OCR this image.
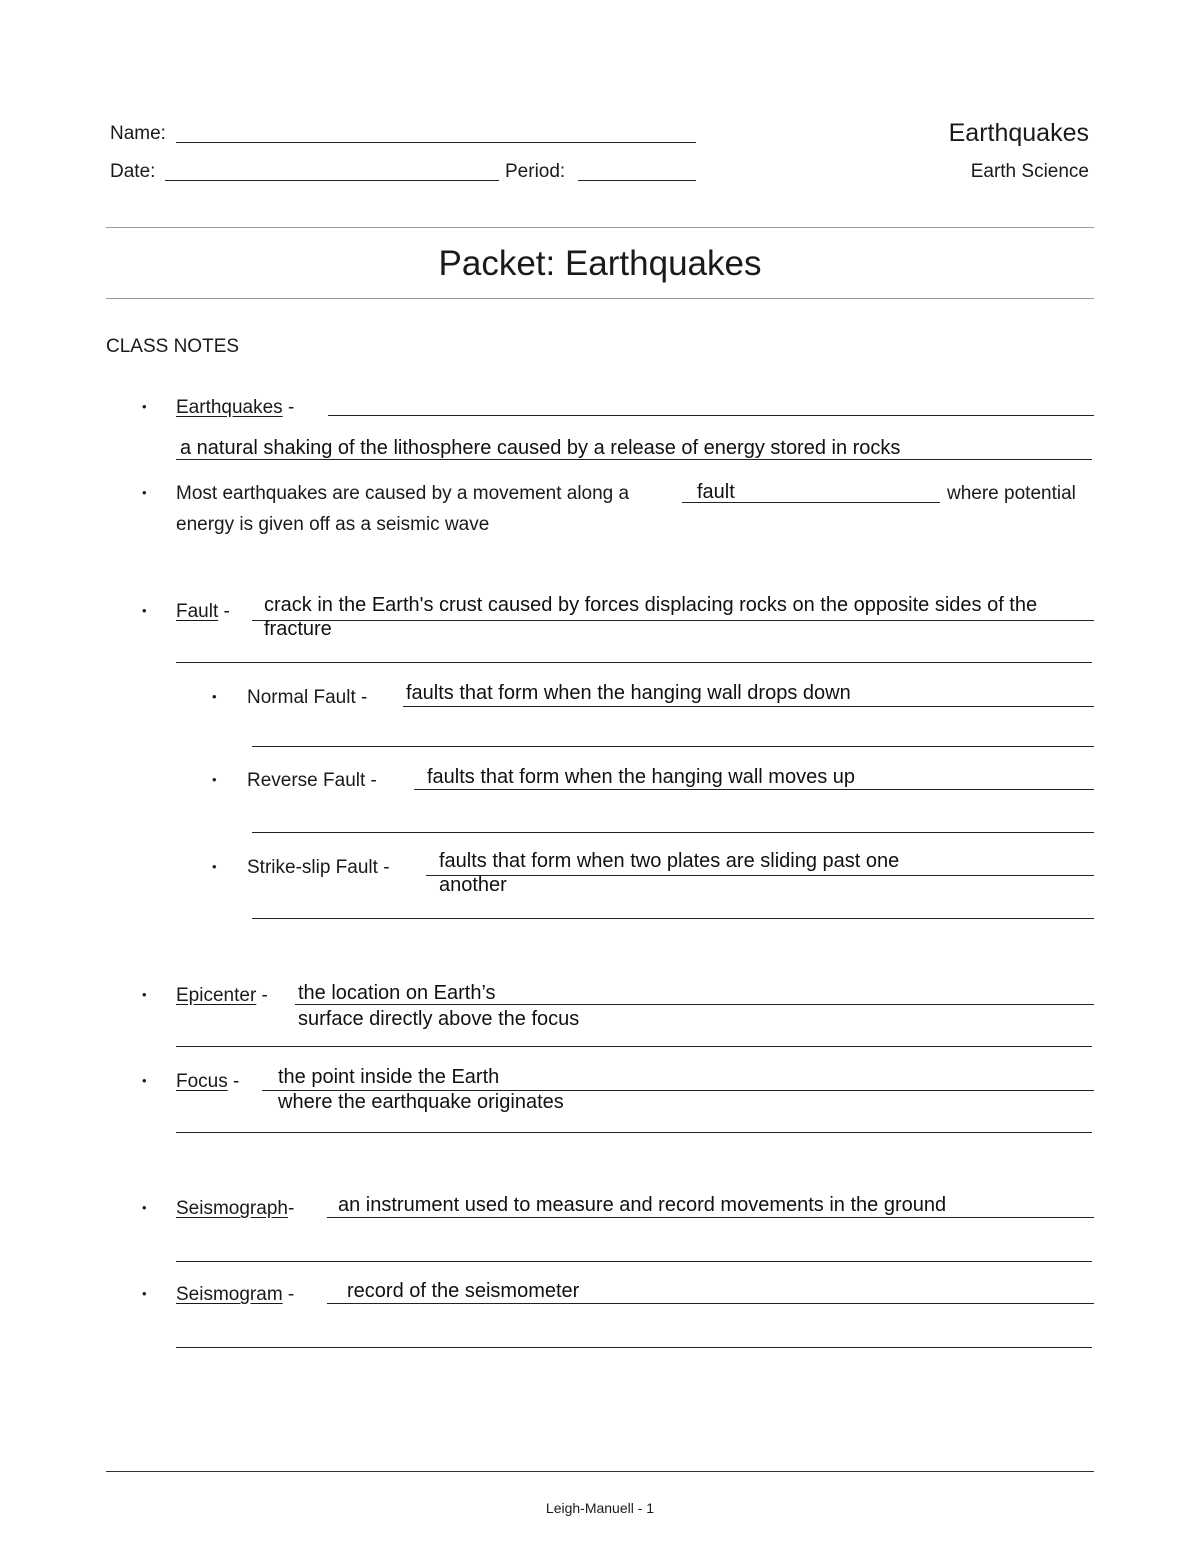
Name:
Date:	Period:
Earthquakes
Earth Science
Packet: Earthquakes
CLASS NOTES
• Earthquakes -
a natural shaking of the lithosphere caused by a release of energy stored in rocks
• Most earthquakes are caused by a movement along a	fault	where potential
energy is given off as a seismic wave
• Fault - crack in the Earth's crust caused by forces displacing rocks on the opposite sides of the
fracture
• Normal Fault - faults that form when the hanging wall drops down
• Reverse Fault -	faults that form when the hanging wall moves up
• Strike-slip Fault - faults that form when two plates are sliding past one
another
• Epicenter - the location on Earth’s
surface directly above the focus
• Focus - the point inside the Earth
where the earthquake originates
• Seismograph- an instrument used to measure and record movements in the ground
• Seismogram -	record of the seismometer
Leigh-Manuell - 1
